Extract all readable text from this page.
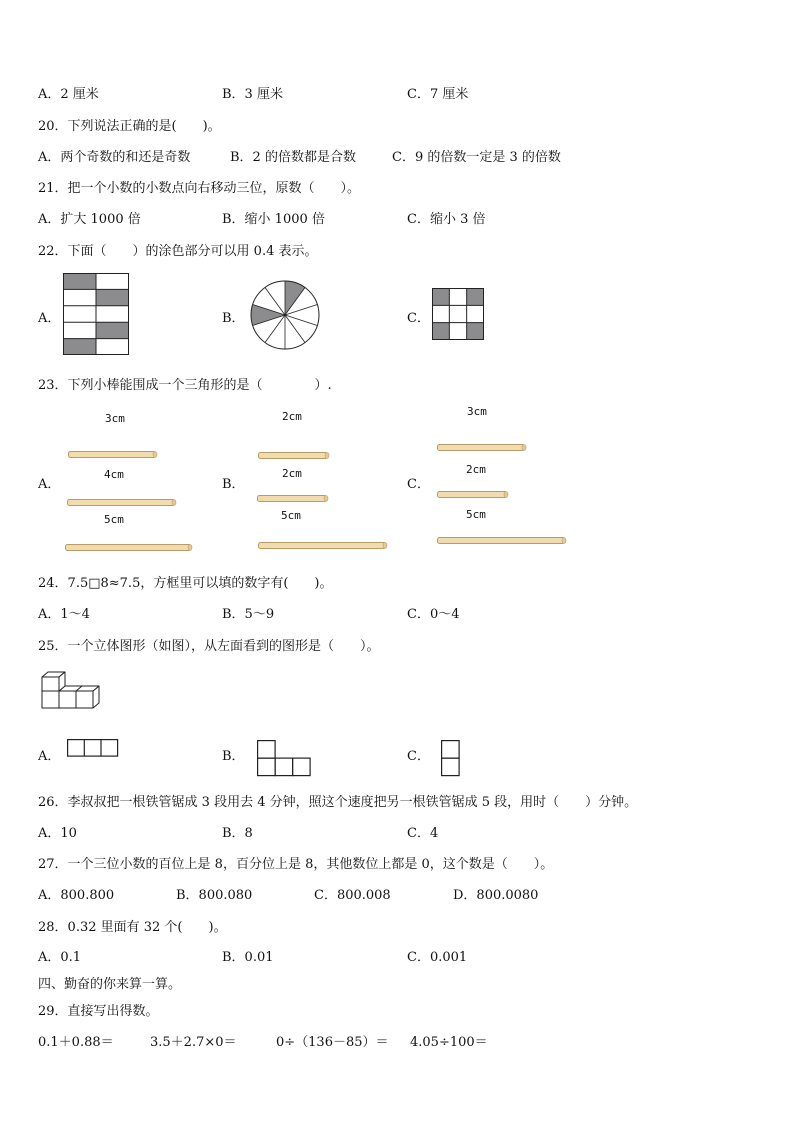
A．2 厘米	B．3 厘米	C．7 厘米
20．下列说法正确的是(　　)。
A．两个奇数的和还是奇数	B．2 的倍数都是合数	C．9 的倍数一定是 3 的倍数
21．把一个小数的小数点向右移动三位，原数（　　）。
A．扩大 1000 倍	B．缩小 1000 倍	C．缩小 3 倍
22．下面（　　）的涂色部分可以用 0.4 表示。
A．	B．	C．
23．下列小棒能围成一个三角形的是（　　　　）.
A．	B．	C．
3cm
4cm
5cm
2cm
2cm
5cm
3cm
2cm
5cm
24．7.5□8≈7.5，方框里可以填的数字有(　　)。
A．1～4	B．5～9	C．0～4
25．一个立体图形（如图），从左面看到的图形是（　　）。
A．	B．	C．
26．李叔叔把一根铁管锯成 3 段用去 4 分钟，照这个速度把另一根铁管锯成 5 段，用时（　　）分钟。
A．10	B．8	C．4
27．一个三位小数的百位上是 8，百分位上是 8，其他数位上都是 0，这个数是（　　）。
A．800.800	B．800.080	C．800.008	D．800.0080
28．0.32 里面有 32 个(　　)。
A．0.1	B．0.01	C．0.001
四、勤奋的你来算一算。
29．直接写出得数。
0.1＋0.88＝	3.5＋2.7×0＝	0÷（136－85）＝ 4.05÷100＝
